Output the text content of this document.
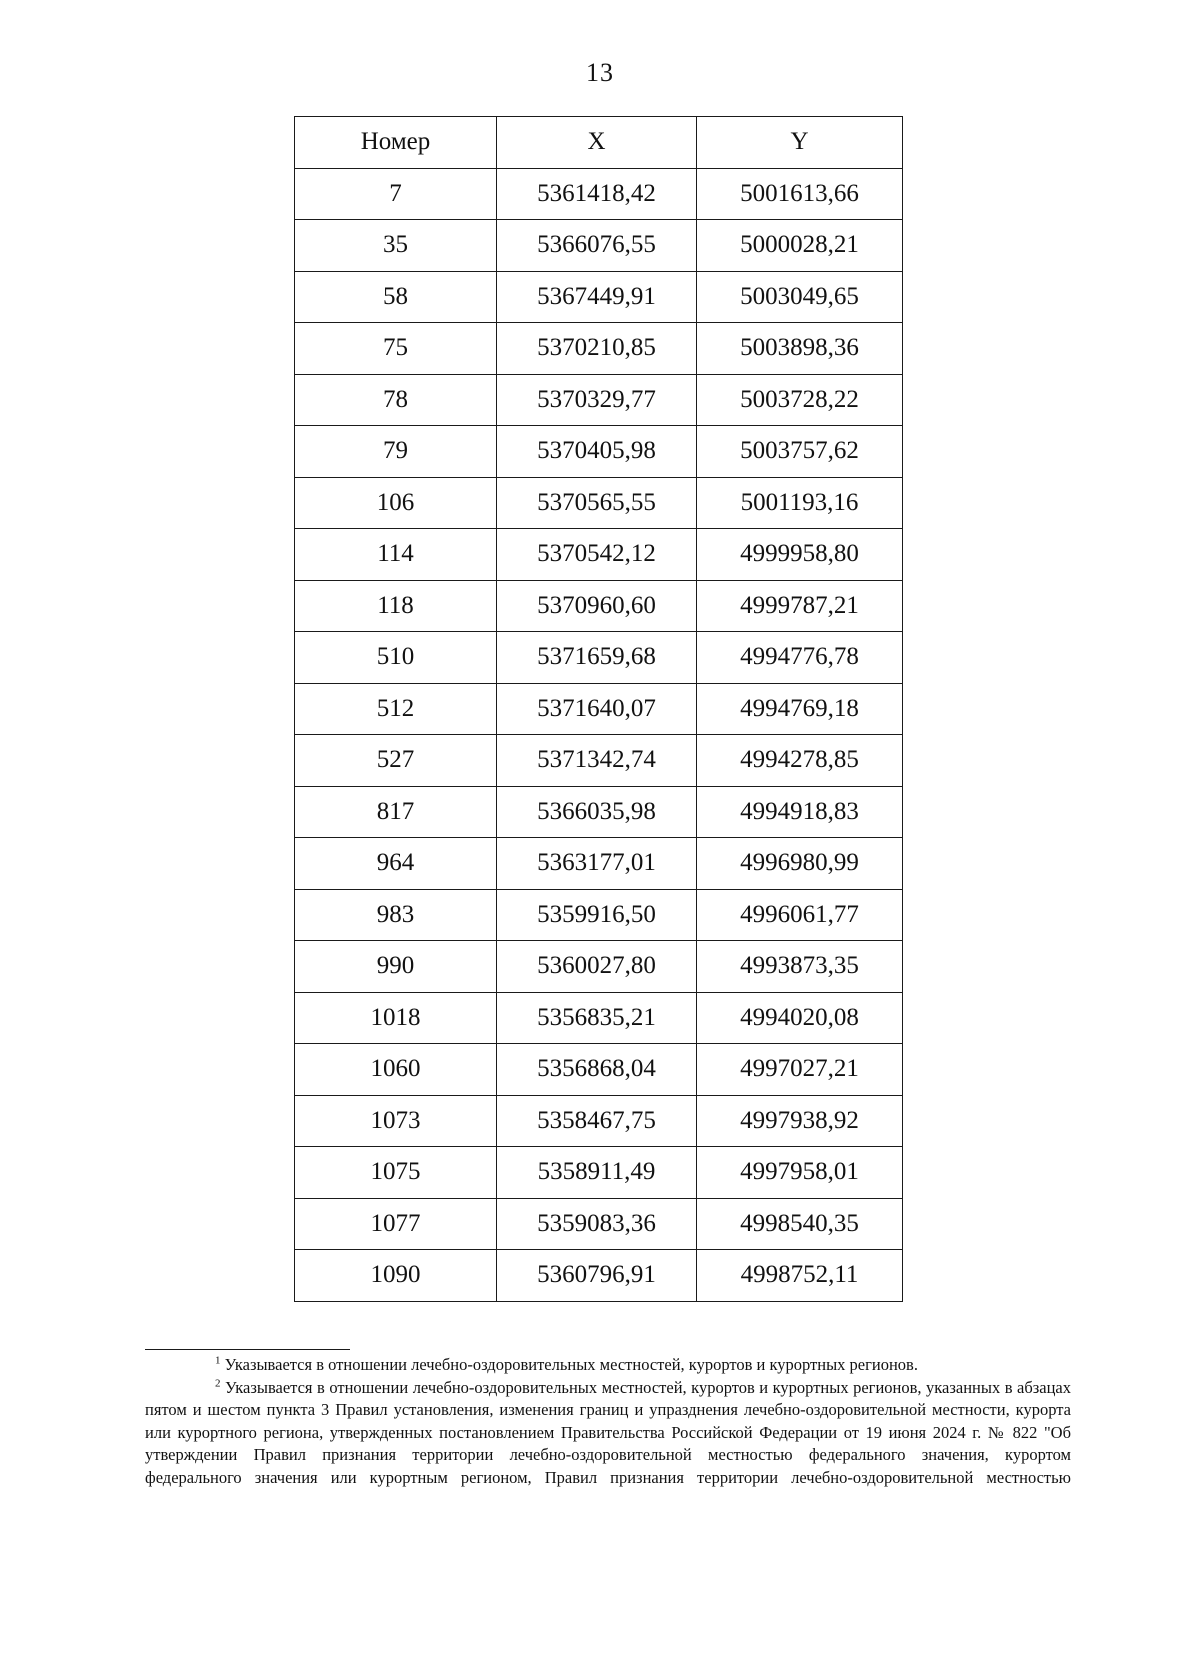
13
Номер	X	Y
7	5361418,42	5001613,66
35	5366076,55	5000028,21
58	5367449,91	5003049,65
75	5370210,85	5003898,36
78	5370329,77	5003728,22
79	5370405,98	5003757,62
106	5370565,55	5001193,16
114	5370542,12	4999958,80
118	5370960,60	4999787,21
510	5371659,68	4994776,78
512	5371640,07	4994769,18
527	5371342,74	4994278,85
817	5366035,98	4994918,83
964	5363177,01	4996980,99
983	5359916,50	4996061,77
990	5360027,80	4993873,35
1018	5356835,21	4994020,08
1060	5356868,04	4997027,21
1073	5358467,75	4997938,92
1075	5358911,49	4997958,01
1077	5359083,36	4998540,35
1090	5360796,91	4998752,11

$^1$ Указывается в отношении лечебно-оздоровительных местностей, курортов и курортных регионов.

$^2$ Указывается в отношении лечебно-оздоровительных местностей, курортов и курортных регионов, указанных в абзацах пятом и шестом пункта 3 Правил установления, изменения границ и упразднения лечебно-оздоровительной местности, курорта или курортного региона, утвержденных постановлением Правительства Российской Федерации от 19 июня 2024 г. № 822 "Об утверждении Правил признания территории лечебно-оздоровительной местностью федерального значения, курортом федерального значения или курортным регионом, Правил признания территории лечебно-оздоровительной местностью
